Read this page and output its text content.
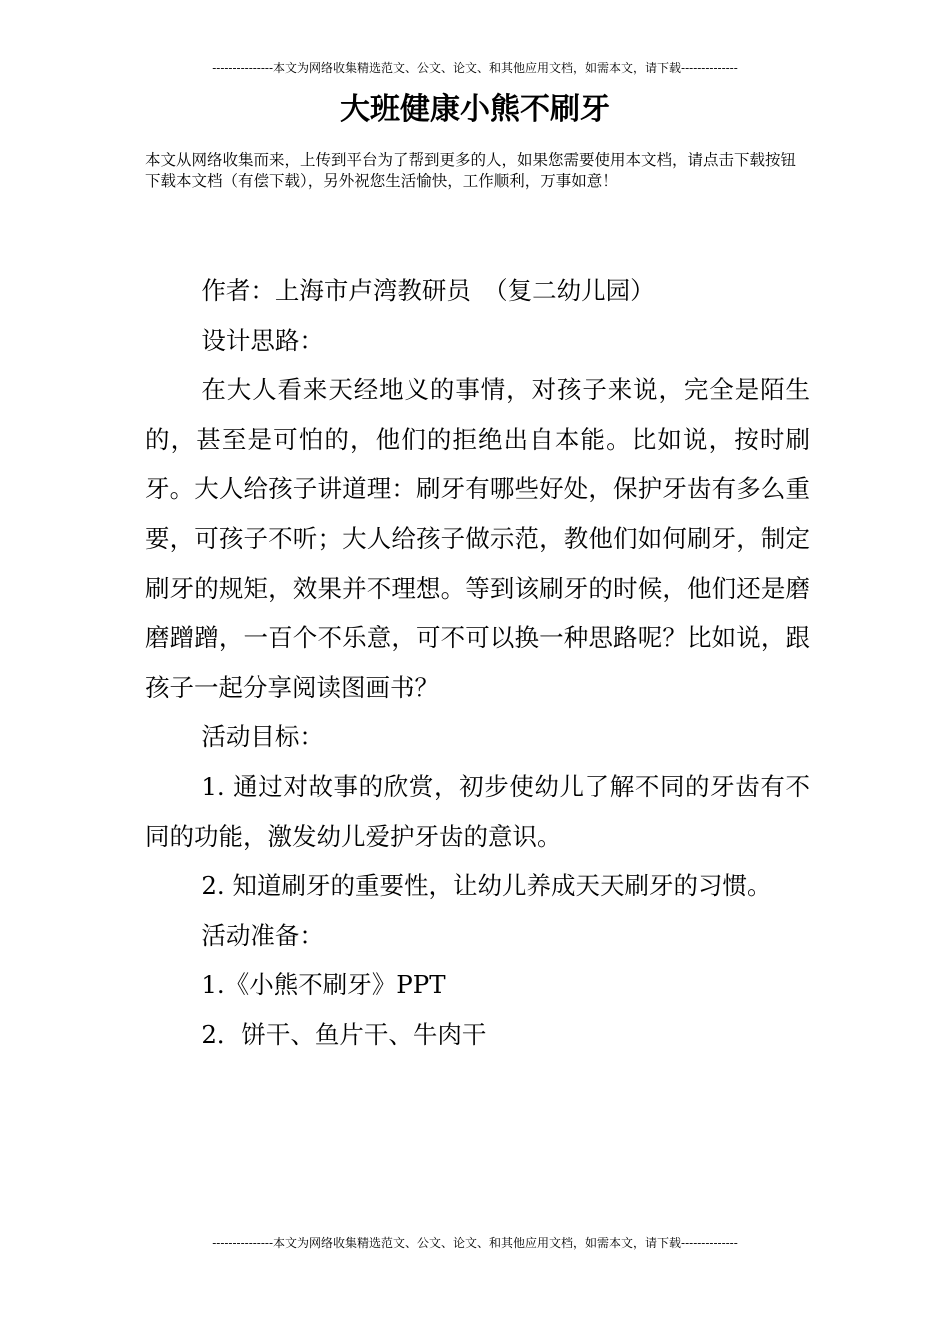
---------------本文为网络收集精选范文、公文、论文、和其他应用文档，如需本文，请下载--------------
大班健康小熊不刷牙

本文从网络收集而来，上传到平台为了帮到更多的人，如果您需要使用本文档，请点击下载按钮下载本文档（有偿下载），另外祝您生活愉快，工作顺利，万事如意！

作者：上海市卢湾教研员　（复二幼儿园）

设计思路：

在大人看来天经地义的事情，对孩子来说，完全是陌生的，甚至是可怕的，他们的拒绝出自本能。比如说，按时刷牙。大人给孩子讲道理：刷牙有哪些好处，保护牙齿有多么重要，可孩子不听；大人给孩子做示范，教他们如何刷牙，制定刷牙的规矩，效果并不理想。等到该刷牙的时候，他们还是磨磨蹭蹭，一百个不乐意，可不可以换一种思路呢？比如说，跟孩子一起分享阅读图画书？

活动目标：

1. 通过对故事的欣赏，初步使幼儿了解不同的牙齿有不同的功能，激发幼儿爱护牙齿的意识。

2. 知道刷牙的重要性，让幼儿养成天天刷牙的习惯。

活动准备：

1.《小熊不刷牙》PPT

2．饼干、鱼片干、牛肉干

---------------本文为网络收集精选范文、公文、论文、和其他应用文档，如需本文，请下载--------------
